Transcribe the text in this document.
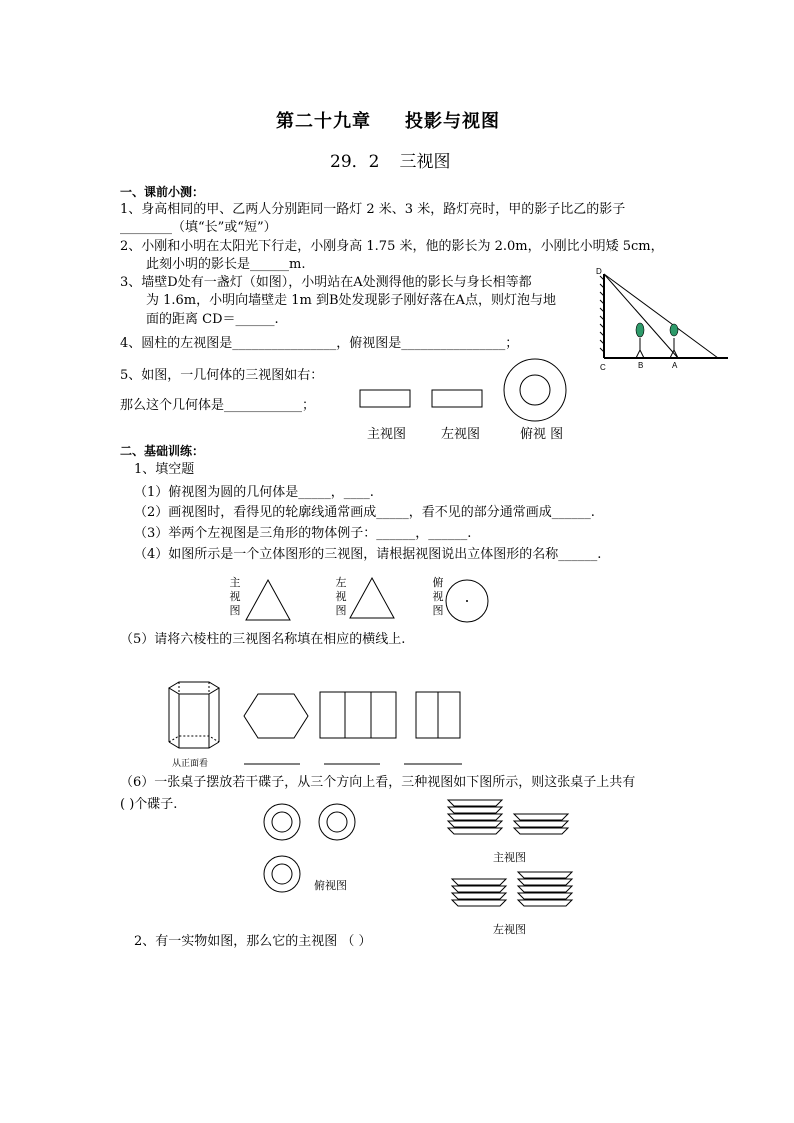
第二十九章 投影与视图
29．2 三视图
一、课前小测：
1、身高相同的甲、乙两人分别距同一路灯 2 米、3 米，路灯亮时，甲的影子比乙的影子
________（填“长”或“短”）
2、小刚和小明在太阳光下行走，小刚身高 1.75 米，他的影长为 2.0m，小刚比小明矮 5cm，
此刻小明的影长是______m.
3、墙壁D处有一盏灯（如图），小明站在A处测得他的影长与身长相等都
为 1.6m，小明向墙壁走 1m 到B处发现影子刚好落在A点，则灯泡与地
面的距离 CD＝______.
D
C	B	A
4、圆柱的左视图是________________，俯视图是________________；
5、如图，一几何体的三视图如右：
那么这个几何体是____________；
主视图	左视图	俯视 图
二、基础训练：
1、填空题
（1）俯视图为圆的几何体是_____，____.
（2）画视图时，看得见的轮廓线通常画成_____，看不见的部分通常画成______.
（3）举两个左视图是三角形的物体例子：______，______.
（4）如图所示是一个立体图形的三视图，请根据视图说出立体图形的名称______.
主视图
左视图
俯视图
（5）请将六棱柱的三视图名称填在相应的横线上.
从正面看
（6）一张桌子摆放若干碟子，从三个方向上看，三种视图如下图所示，则这张桌子上共有
( )个碟子.
俯视图
主视图
左视图
2、有一实物如图，那么它的主视图 （ ）
